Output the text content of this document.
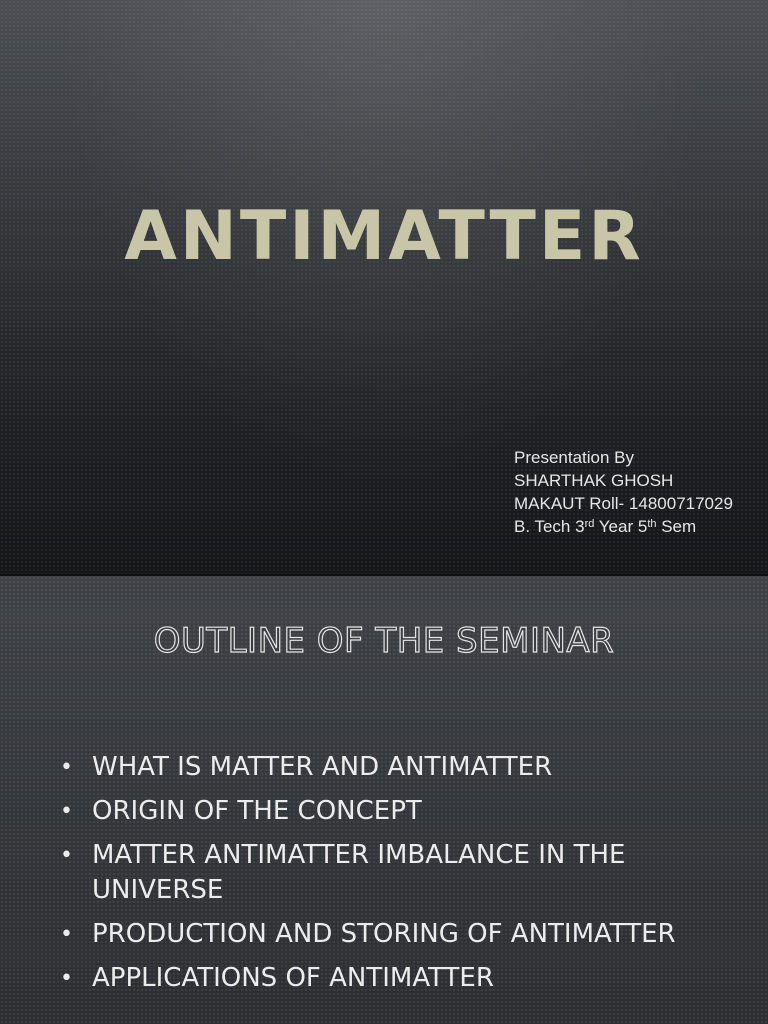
ANTIMATTER
Presentation By
SHARTHAK GHOSH
MAKAUT Roll- 14800717029
B. Tech 3rd Year 5th Sem
OUTLINE OF THE SEMINAR
• WHAT IS MATTER AND ANTIMATTER
• ORIGIN OF THE CONCEPT
• MATTER ANTIMATTER IMBALANCE IN THE UNIVERSE
• PRODUCTION AND STORING OF ANTIMATTER
• APPLICATIONS OF ANTIMATTER
